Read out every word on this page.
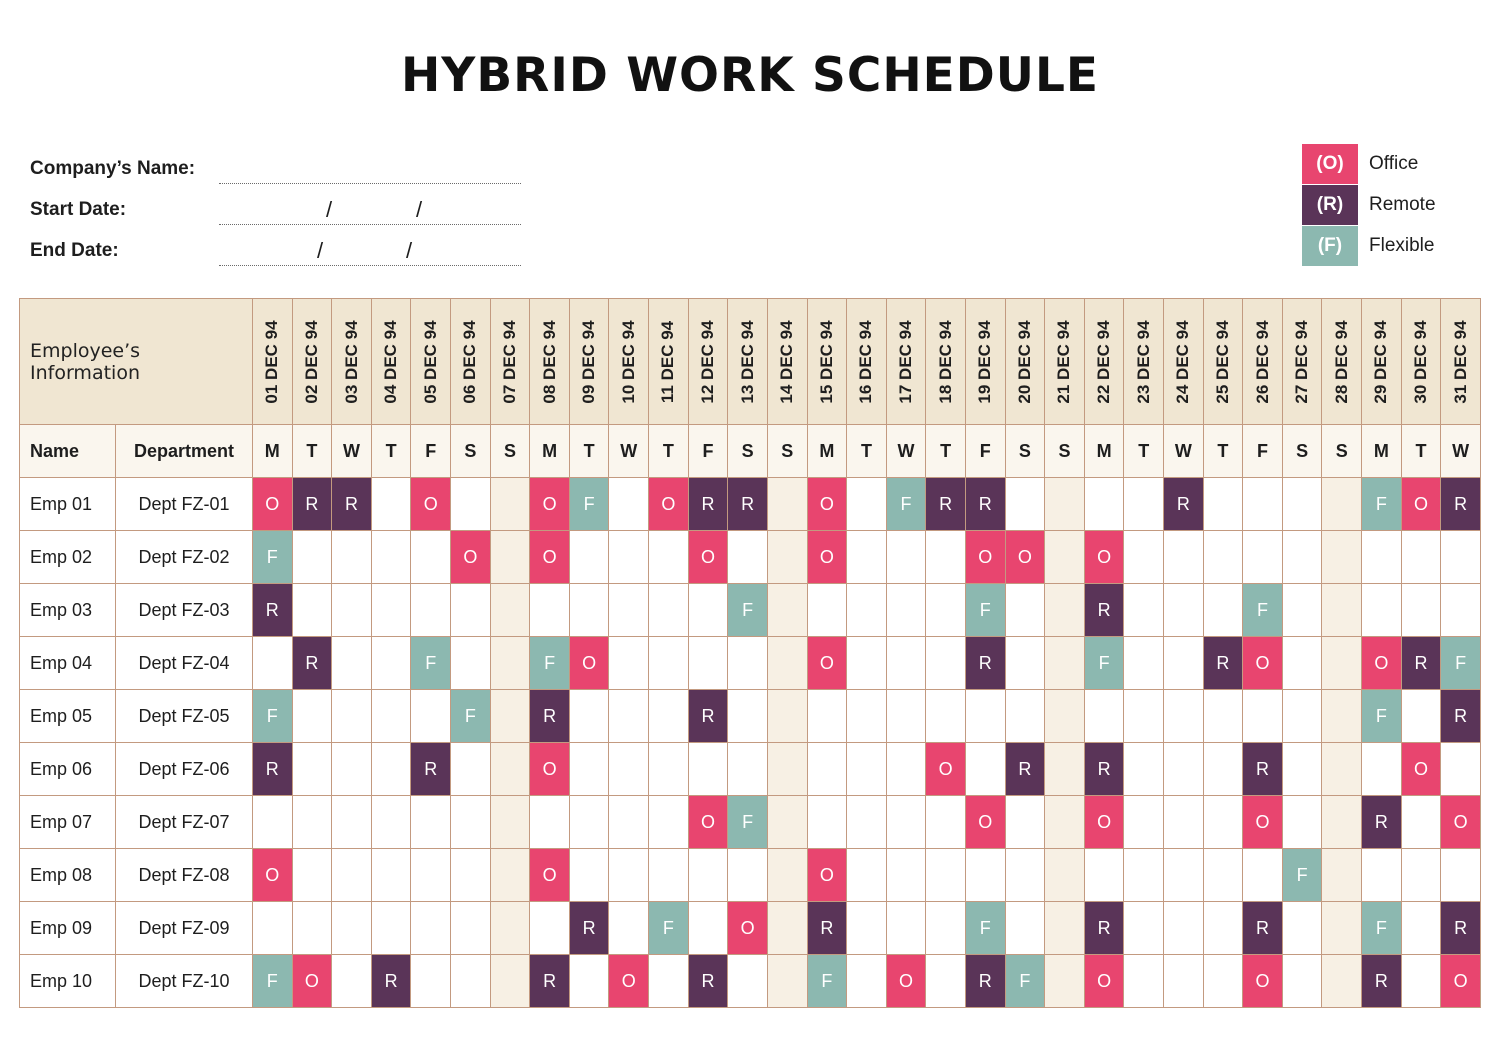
HYBRID WORK SCHEDULE
Company’s Name:
Start Date:	/	/
End Date:	/	/
(O)	Office
(R)	Remote
(F)	Flexible
Employee’s
Information		01 DEC 94	02 DEC 94	03 DEC 94	04 DEC 94	05 DEC 94	06 DEC 94	07 DEC 94	08 DEC 94	09 DEC 94	10 DEC 94	11 DEC 94	12 DEC 94	13 DEC 94	14 DEC 94	15 DEC 94	16 DEC 94	17 DEC 94	18 DEC 94	19 DEC 94	20 DEC 94	21 DEC 94	22 DEC 94	23 DEC 94	24 DEC 94	25 DEC 94	26 DEC 94	27 DEC 94	28 DEC 94	29 DEC 94	30 DEC 94	31 DEC 94

Name	Department	M	T	W	T	F	S	S	M	T	W	T	F	S	S	M	T	W	T	F	S	S	M	T	W	T	F	S	S	M	T	W
Emp 01	Dept FZ-01	O	R	R		O			O	F		O	R	R		O		F	R	R					R					F	O	R
Emp 02	Dept FZ-02	F					O		O				O			O				O	O		O									
Emp 03	Dept FZ-03	R												F						F			R				F					
Emp 04	Dept FZ-04		R			F			F	O						O				R			F			R	O			O	R	F
Emp 05	Dept FZ-05	F					F		R				R																	F		R
Emp 06	Dept FZ-06	R				R			O										O		R		R				R				O	
Emp 07	Dept FZ-07												O	F						O			O				O			R		O
Emp 08	Dept FZ-08	O							O							O												F				
Emp 09	Dept FZ-09									R		F		O		R				F			R				R			F		R
Emp 10	Dept FZ-10	F	O		R				R		O		R			F		O		R	F		O				O			R		O
